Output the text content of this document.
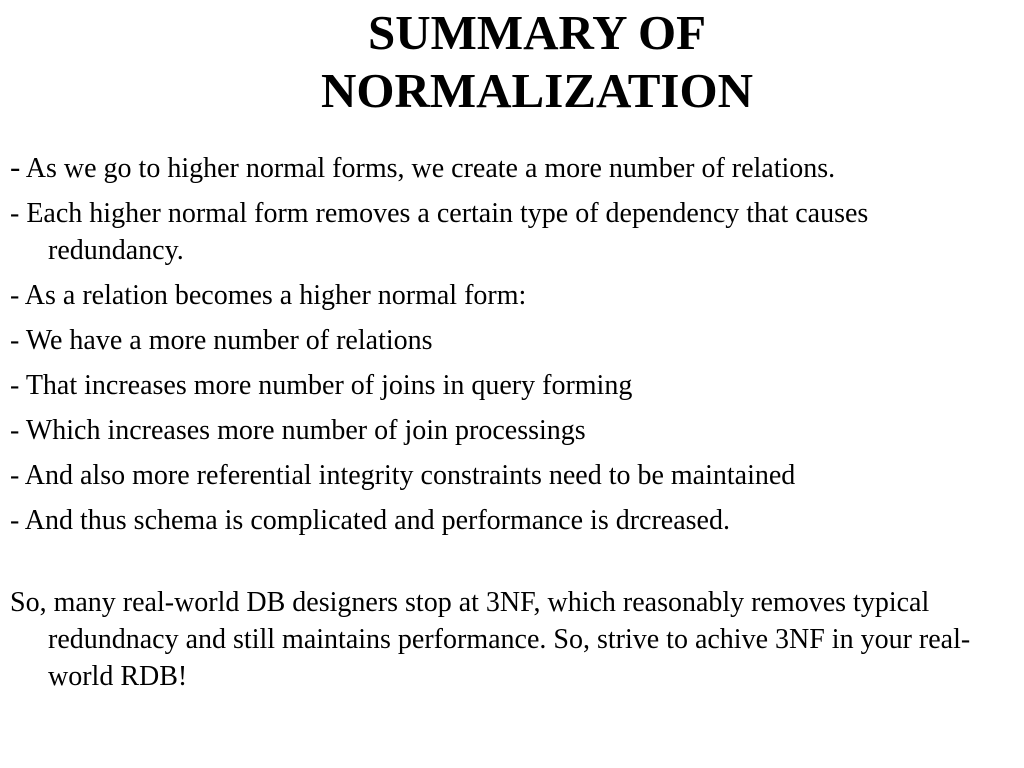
SUMMARY OF
NORMALIZATION

- As we go to higher normal forms, we create a more number of relations.

- Each higher normal form removes a certain type of dependency that causes redundancy.

- As a relation becomes a higher normal form:

- We have a more number of relations

- That increases more number of joins in query forming

- Which increases more number of join processings

- And also more referential integrity constraints need to be maintained

- And thus schema is complicated and performance is drcreased.

So, many real-world DB designers stop at 3NF, which reasonably removes typical redundnacy and still maintains performance. So, strive to achive 3NF in your real-world RDB!
